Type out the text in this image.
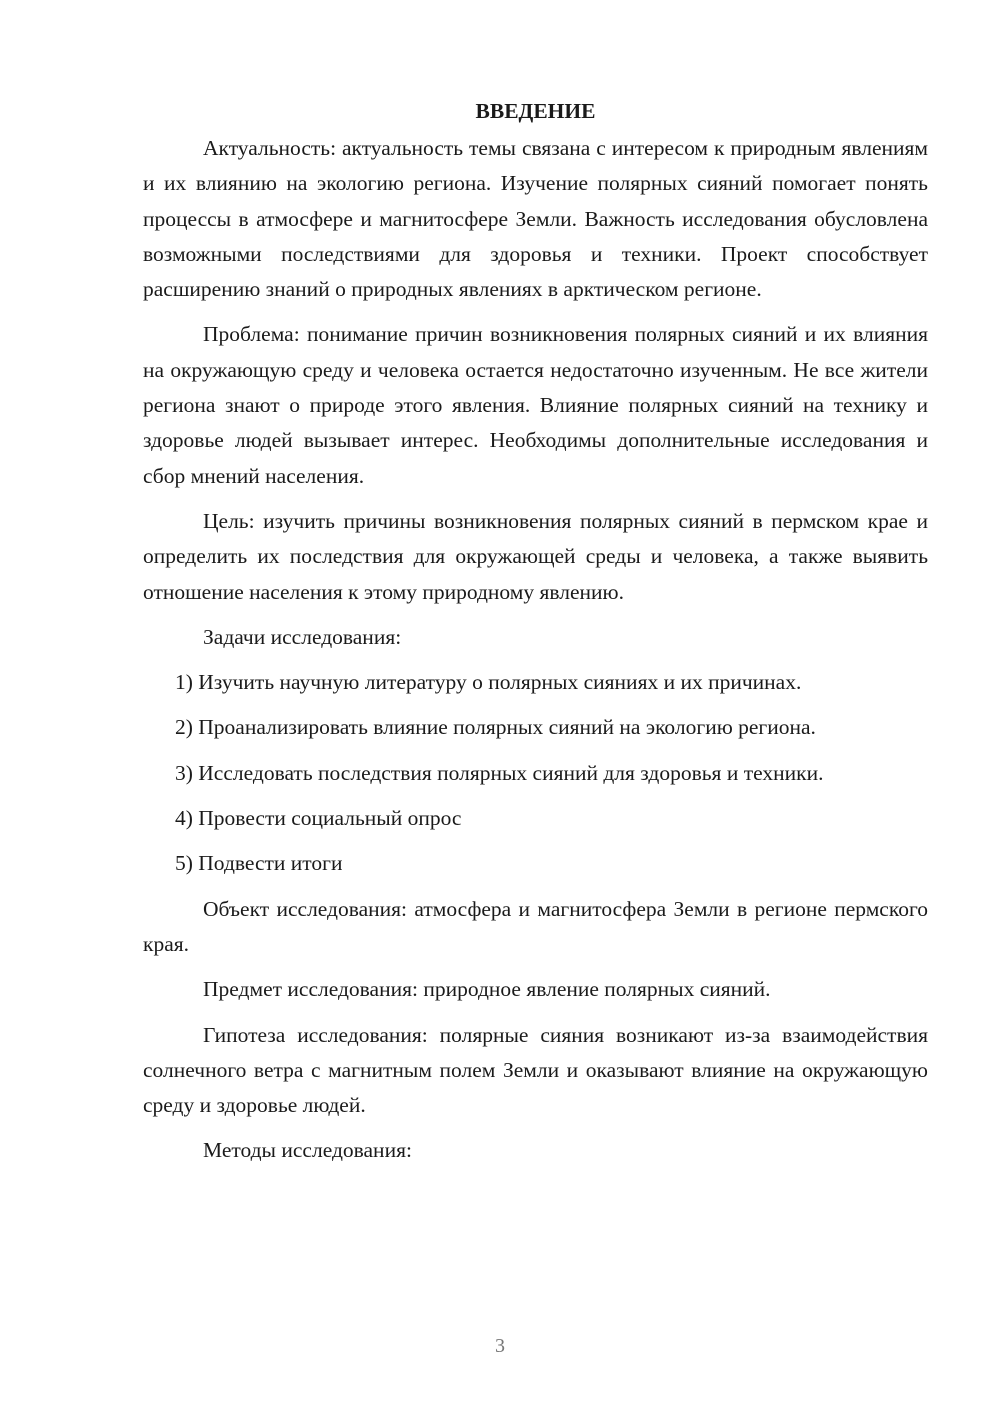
ВВЕДЕНИЕ

Актуальность: актуальность темы связана с интересом к природным явлениям и их влиянию на экологию региона. Изучение полярных сияний помогает понять процессы в атмосфере и магнитосфере Земли. Важность исследования обусловлена возможными последствиями для здоровья и техники. Проект способствует расширению знаний о природных явлениях в арктическом регионе.

Проблема: понимание причин возникновения полярных сияний и их влияния на окружающую среду и человека остается недостаточно изученным. Не все жители региона знают о природе этого явления. Влияние полярных сияний на технику и здоровье людей вызывает интерес. Необходимы дополнительные исследования и сбор мнений населения.

Цель: изучить причины возникновения полярных сияний в пермском крае и определить их последствия для окружающей среды и человека, а также выявить отношение населения к этому природному явлению.

Задачи исследования:

1) Изучить научную литературу о полярных сияниях и их причинах.
2) Проанализировать влияние полярных сияний на экологию региона.
3) Исследовать последствия полярных сияний для здоровья и техники.
4) Провести социальный опрос
5) Подвести итоги

Объект исследования: атмосфера и магнитосфера Земли в регионе пермского края.

Предмет исследования: природное явление полярных сияний.

Гипотеза исследования: полярные сияния возникают из-за взаимодействия солнечного ветра с магнитным полем Земли и оказывают влияние на окружающую среду и здоровье людей.

Методы исследования:

3
